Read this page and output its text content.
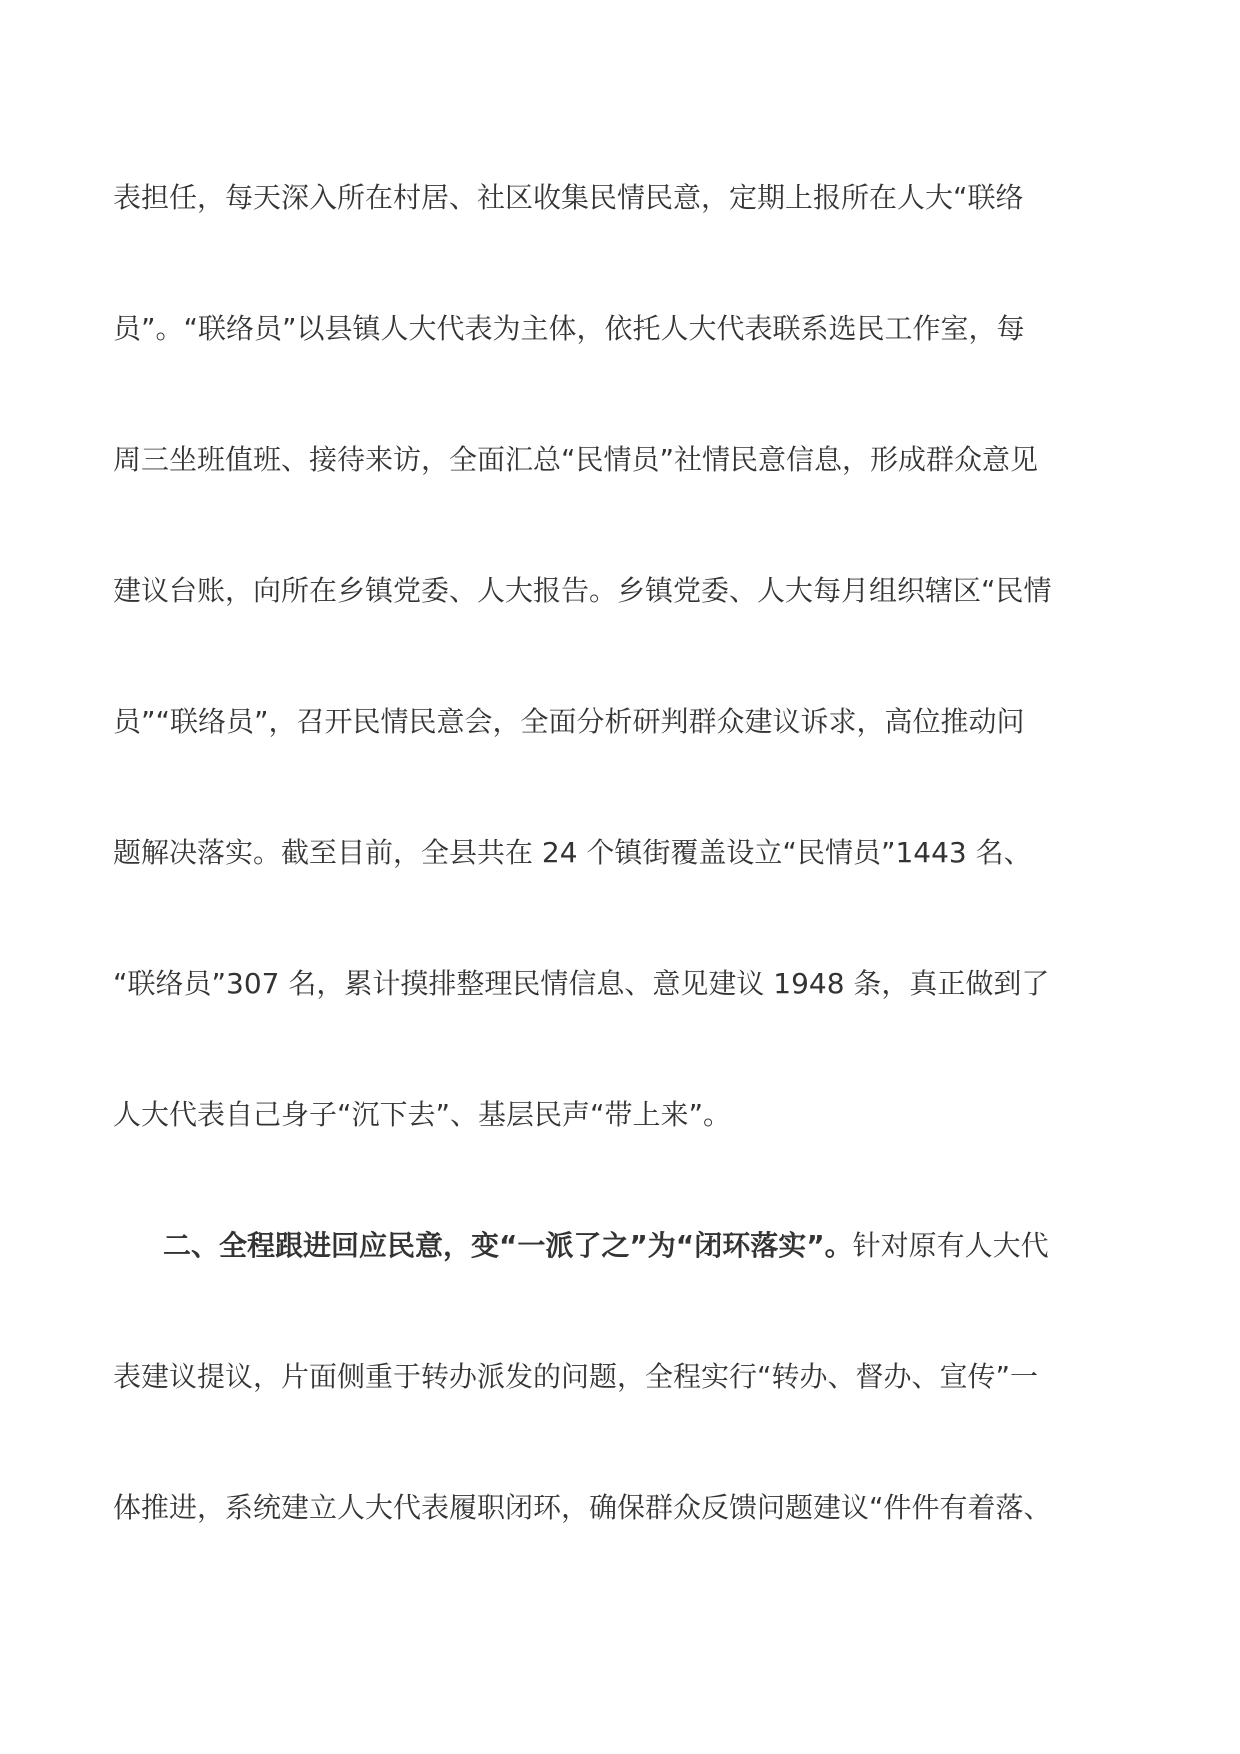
表担任，每天深入所在村居、社区收集民情民意，定期上报所在人大“联络
员”。“联络员”以县镇人大代表为主体，依托人大代表联系选民工作室，每
周三坐班值班、接待来访，全面汇总“民情员”社情民意信息，形成群众意见
建议台账，向所在乡镇党委、人大报告。乡镇党委、人大每月组织辖区“民情
员”“联络员”，召开民情民意会，全面分析研判群众建议诉求，高位推动问
题解决落实。截至目前，全县共在 24 个镇街覆盖设立“民情员”1443 名、
“联络员”307 名，累计摸排整理民情信息、意见建议 1948 条，真正做到了
人大代表自己身子“沉下去”、基层民声“带上来”。
二、全程跟进回应民意，变“一派了之”为“闭环落实”。针对原有人大代
表建议提议，片面侧重于转办派发的问题，全程实行“转办、督办、宣传”一
体推进，系统建立人大代表履职闭环，确保群众反馈问题建议“件件有着落、
